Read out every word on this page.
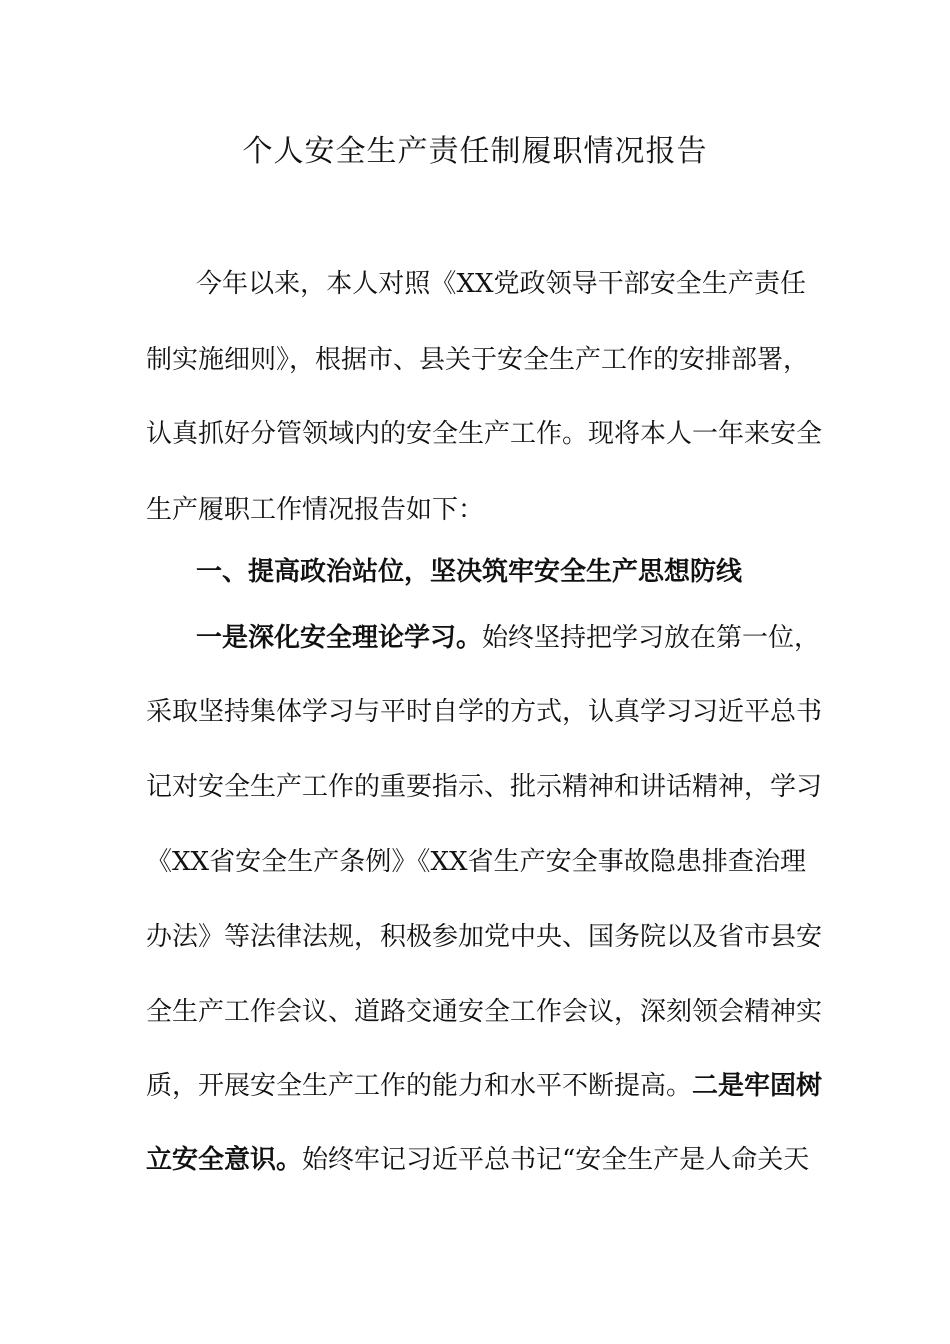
个人安全生产责任制履职情况报告
今年以来，本人对照《XX党政领导干部安全生产责任
制实施细则》，根据市、县关于安全生产工作的安排部署，
认真抓好分管领域内的安全生产工作。现将本人一年来安全
生产履职工作情况报告如下：
一、提高政治站位，坚决筑牢安全生产思想防线
一是深化安全理论学习。始终坚持把学习放在第一位，
采取坚持集体学习与平时自学的方式，认真学习习近平总书
记对安全生产工作的重要指示、批示精神和讲话精神，学习
《XX省安全生产条例》《XX省生产安全事故隐患排查治理
办法》等法律法规，积极参加党中央、国务院以及省市县安
全生产工作会议、道路交通安全工作会议，深刻领会精神实
质，开展安全生产工作的能力和水平不断提高。二是牢固树
立安全意识。始终牢记习近平总书记“安全生产是人命关天
